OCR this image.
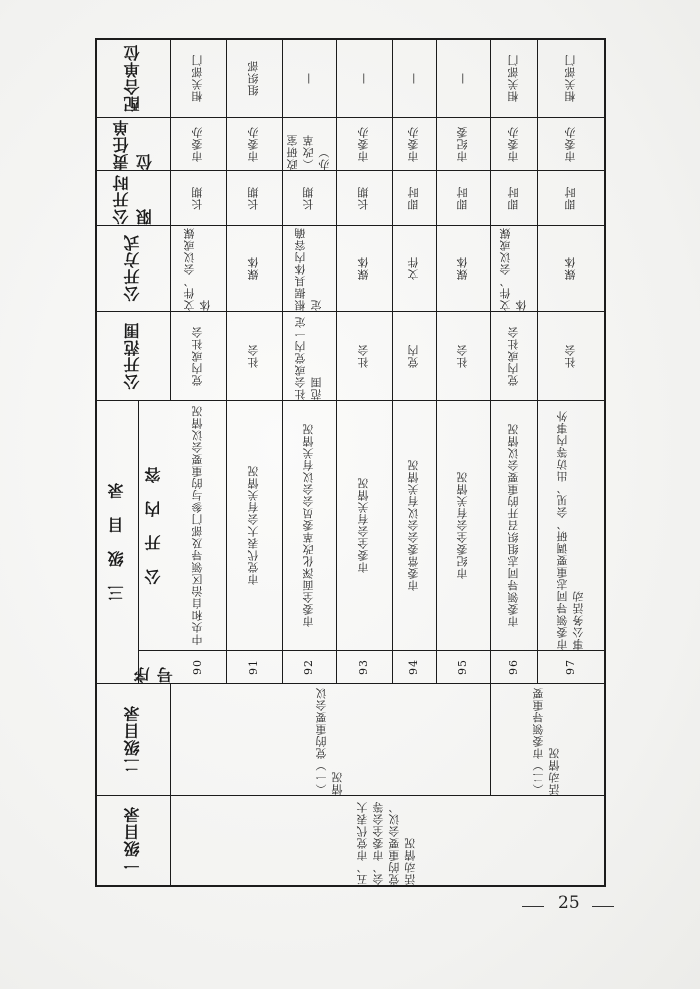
一级目录
二级目录
三　级　目　录
序号
公　开　内　容
公开范围
公开方式
公开时限
责任单位
配合单位
五、市党代表大会、市委全会等党的重要会议、活动情况
（一）党的重要会议情况	（二）市委领导重要活动情况
90
中央和自治区领导及部门参与的重要会议情况
党内或社会
文件、会议或媒体
长期
市委办
相关部门
91
市党代表大会有关情况
社会
媒体
长期
市委办
组织部
92
市委全面深化改革委员会会议有关情况
社会或党内一定范围
根据具体内容确定
长期
政研室（改革办）
—
93
市委全会有关情况
社会
媒体
长期
市委办
—
94
市委常委会会议有关情况
党内
文件
即时
市委办
—
95
市纪委全会有关情况
社会
媒体
即时
市纪委
—
96
市委领导同志组织召开的重要会议情况
党内或社会
文件、会议或媒体
即时
市委办
相关部门
97
市委领导同志重要调研、会见、出访等内事外事公务活动
社会
媒体
即时
市委办
相关部门
25
